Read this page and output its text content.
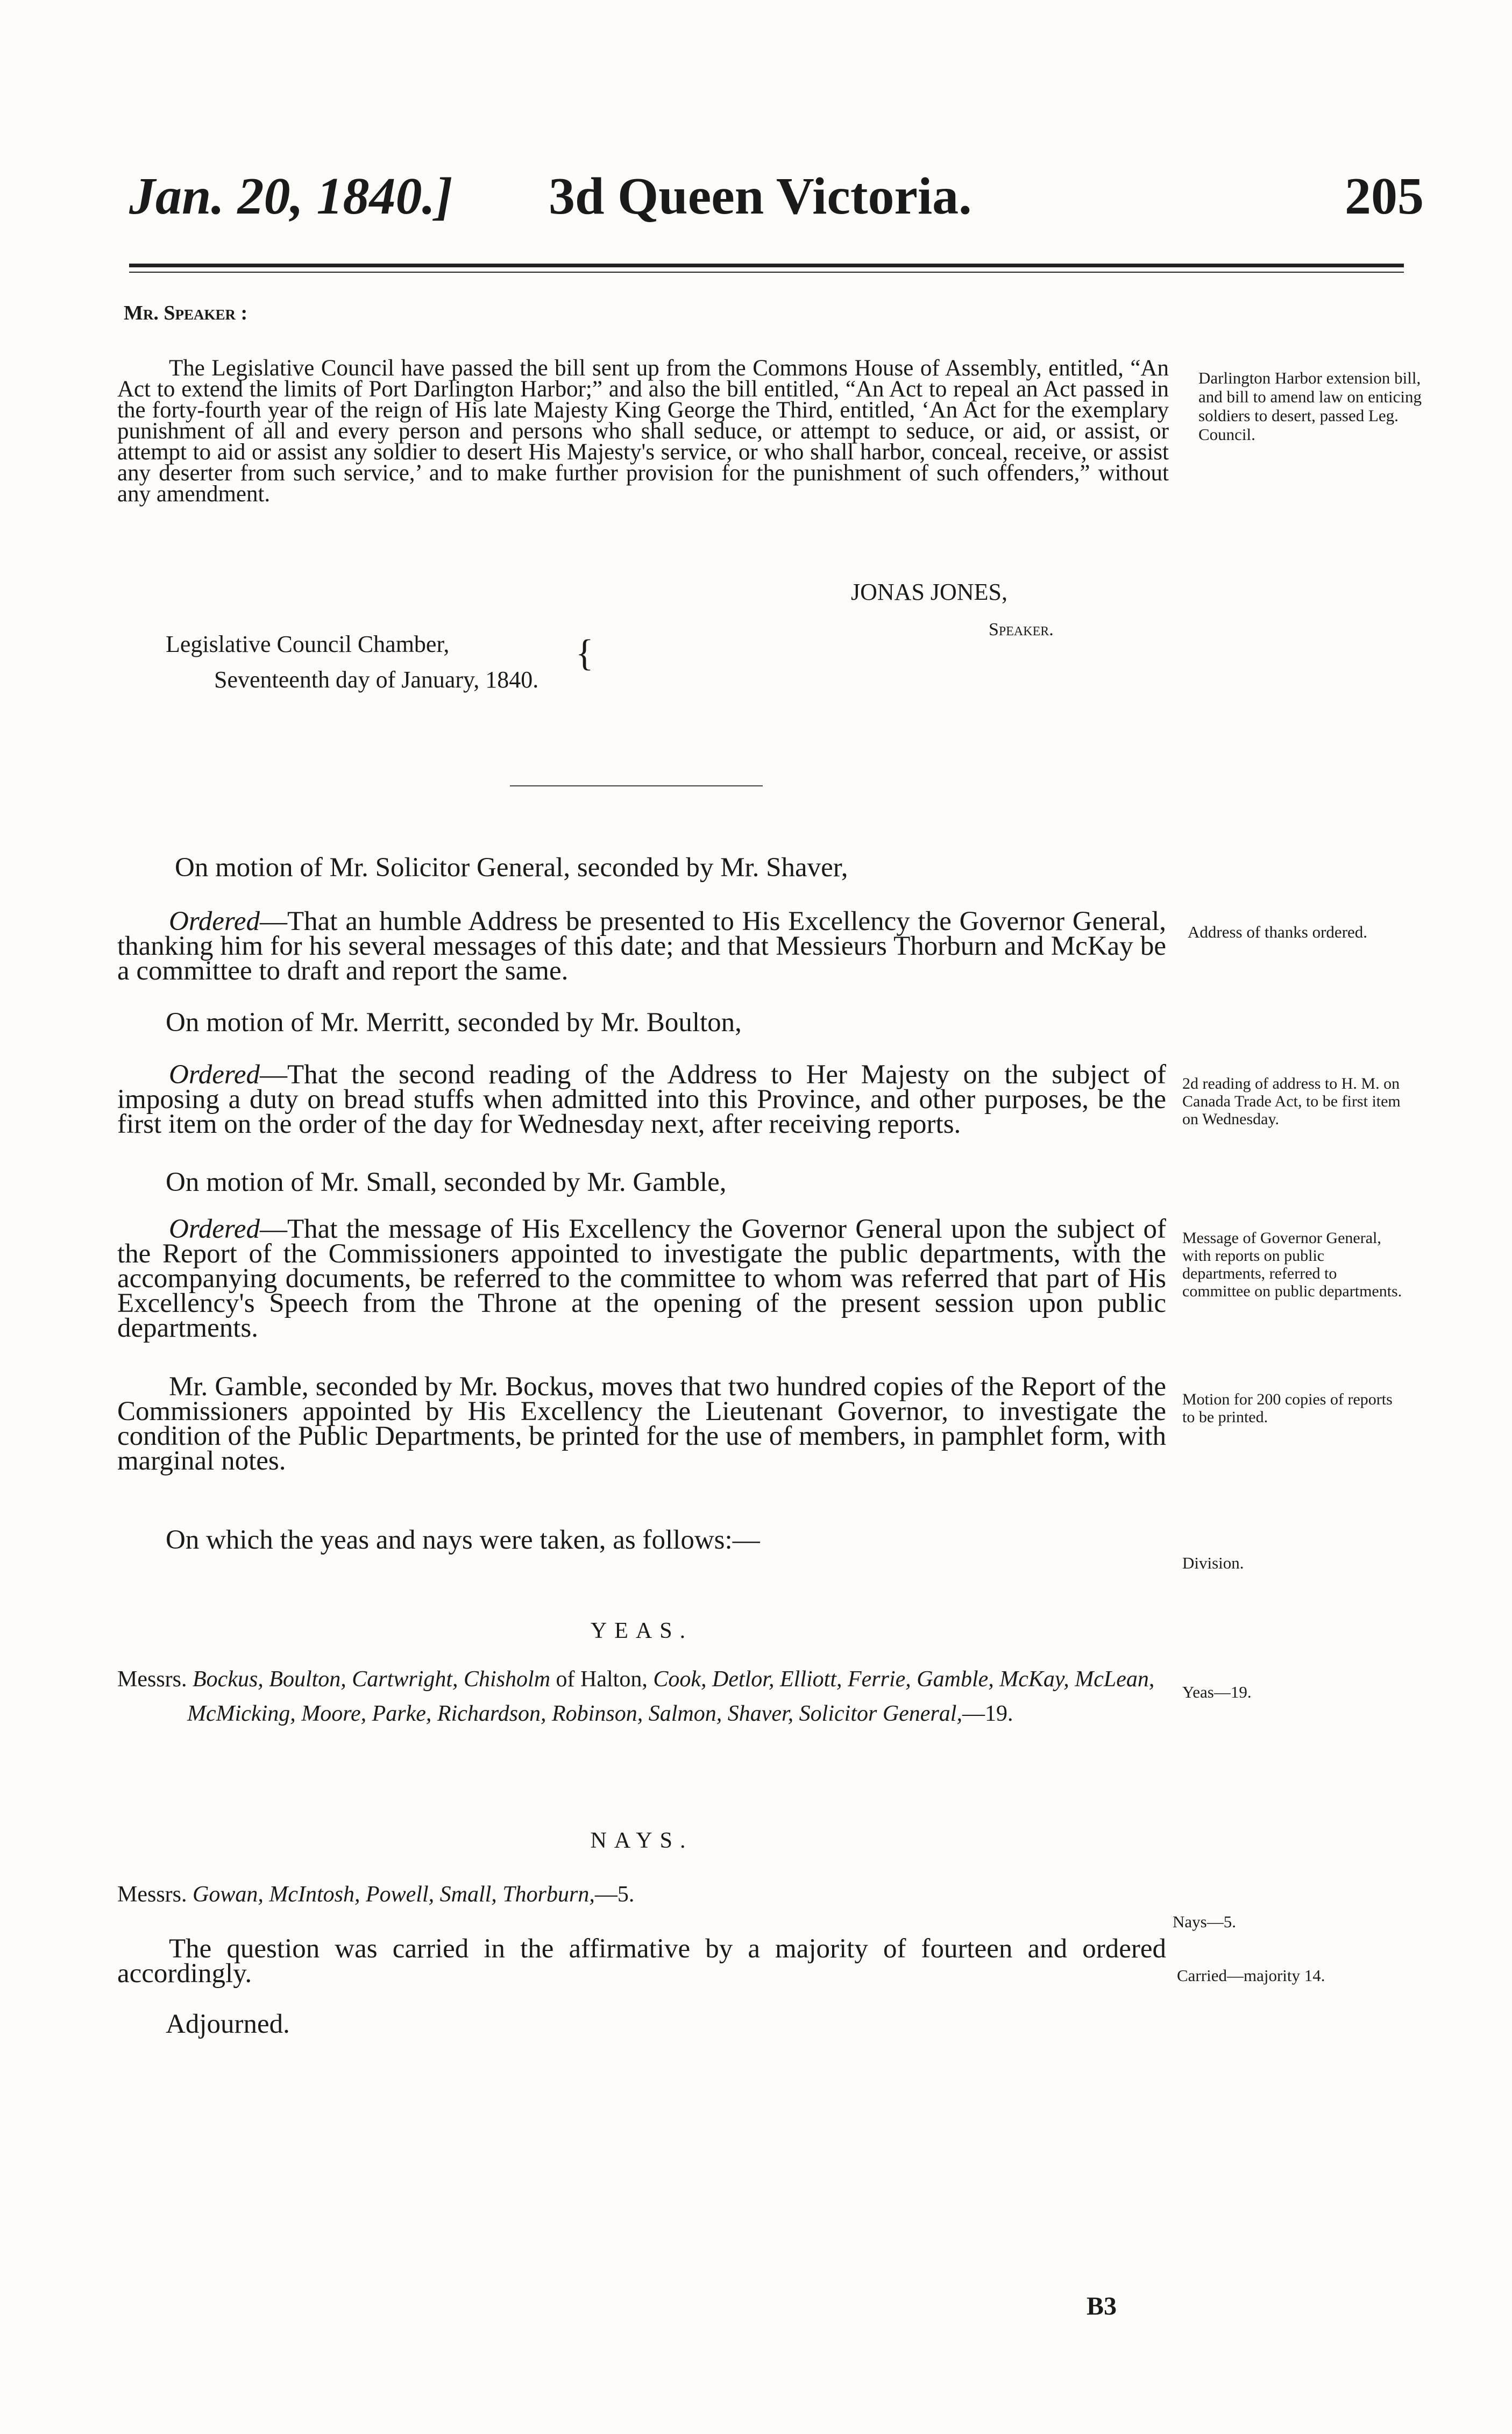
Jan. 20, 1840.] 3d Queen Victoria.	205
Mr. Speaker :
The Legislative Council have passed the bill sent up from the Commons House of Assembly, entitled, “An Act to extend the limits of Port Darlington Harbor;” and also the bill entitled, “An Act to repeal an Act passed in the forty-fourth year of the reign of His late Majesty King George the Third, entitled, ‘An Act for the exemplary punishment of all and every person and persons who shall seduce, or attempt to seduce, or aid, or assist, or attempt to aid or assist any soldier to desert His Majesty's service, or who shall harbor, conceal, receive, or assist any deserter from such service,’ and to make further provision for the punishment of such offenders,” without any amendment.
Darlington Harbor extension bill, and bill to amend law on enticing soldiers to desert, passed Leg. Council.
JONAS JONES,
Speaker.
Legislative Council Chamber,
Seventeenth day of January, 1840.
{
On motion of Mr. Solicitor General, seconded by Mr. Shaver,
Ordered—That an humble Address be presented to His Excellency the Governor General, thanking him for his several messages of this date; and that Messieurs Thorburn and McKay be a committee to draft and report the same.
Address of thanks ordered.
On motion of Mr. Merritt, seconded by Mr. Boulton,
Ordered—That the second reading of the Address to Her Majesty on the subject of imposing a duty on bread stuffs when admitted into this Province, and other purposes, be the first item on the order of the day for Wednesday next, after receiving reports.
2d reading of address to H. M. on Canada Trade Act, to be first item on Wednesday.
On motion of Mr. Small, seconded by Mr. Gamble,
Ordered—That the message of His Excellency the Governor General upon the subject of the Report of the Commissioners appointed to investigate the public departments, with the accompanying documents, be referred to the committee to whom was referred that part of His Excellency's Speech from the Throne at the opening of the present session upon public departments.
Message of Governor General, with reports on public departments, referred to committee on public departments.
Mr. Gamble, seconded by Mr. Bockus, moves that two hundred copies of the Report of the Commissioners appointed by His Excellency the Lieutenant Governor, to investigate the condition of the Public Departments, be printed for the use of members, in pamphlet form, with marginal notes.
Motion for 200 copies of reports to be printed.
On which the yeas and nays were taken, as follows:—
Division.
YEAS.
Messrs. Bockus, Boulton, Cartwright, Chisholm of Halton, Cook, Detlor, Elliott, Ferrie, Gamble, McKay, McLean, McMicking, Moore, Parke, Richardson, Robinson, Salmon, Shaver, Solicitor General,—19.
Yeas—19.
NAYS.
Messrs. Gowan, McIntosh, Powell, Small, Thorburn,—5.
Nays—5.
The question was carried in the affirmative by a majority of fourteen and ordered accordingly.	Carried—majority 14.
Adjourned.
B3
